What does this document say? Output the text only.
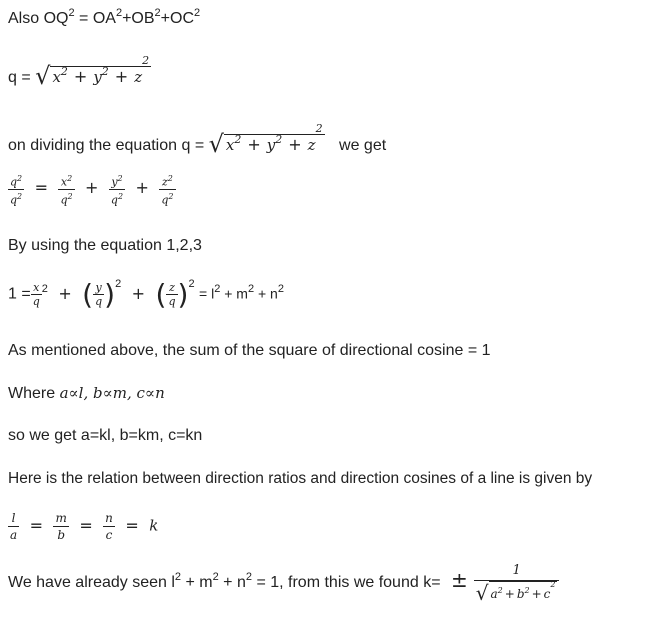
Also $OQ^2 = OA^2+OB^2+OC^2$
q = √ $x^2 + y^2 + z^2$
on dividing the equation q = √ $x^2 + y^2 + z^2$ we get
$\frac{q^2}{q^2} = \frac{x^2}{q^2} + \frac{y^2}{q^2} + \frac{z^2}{q^2}$
By using the equation 1,2,3
$1 = \frac{x}{q} ^2$ + ( $\frac{y}{q} )^2$ + ( $\frac{z}{q} )^2 = l^2 + m^2 + n^2$
As mentioned above, the sum of the square of directional cosine = 1
Where a∝l, b∝m, c∝n
so we get a=kl, b=km, c=kn
Here is the relation between direction ratios and direction cosines of a line is given by
$\frac{l}{a} = \frac{m}{b} = \frac{n}{c} = k$
We have already seen $l^2 + m^2 + n^2 = 1$, from this we found $k= \pm \frac{1}{√ a^2 + b^2 + c^2}$
